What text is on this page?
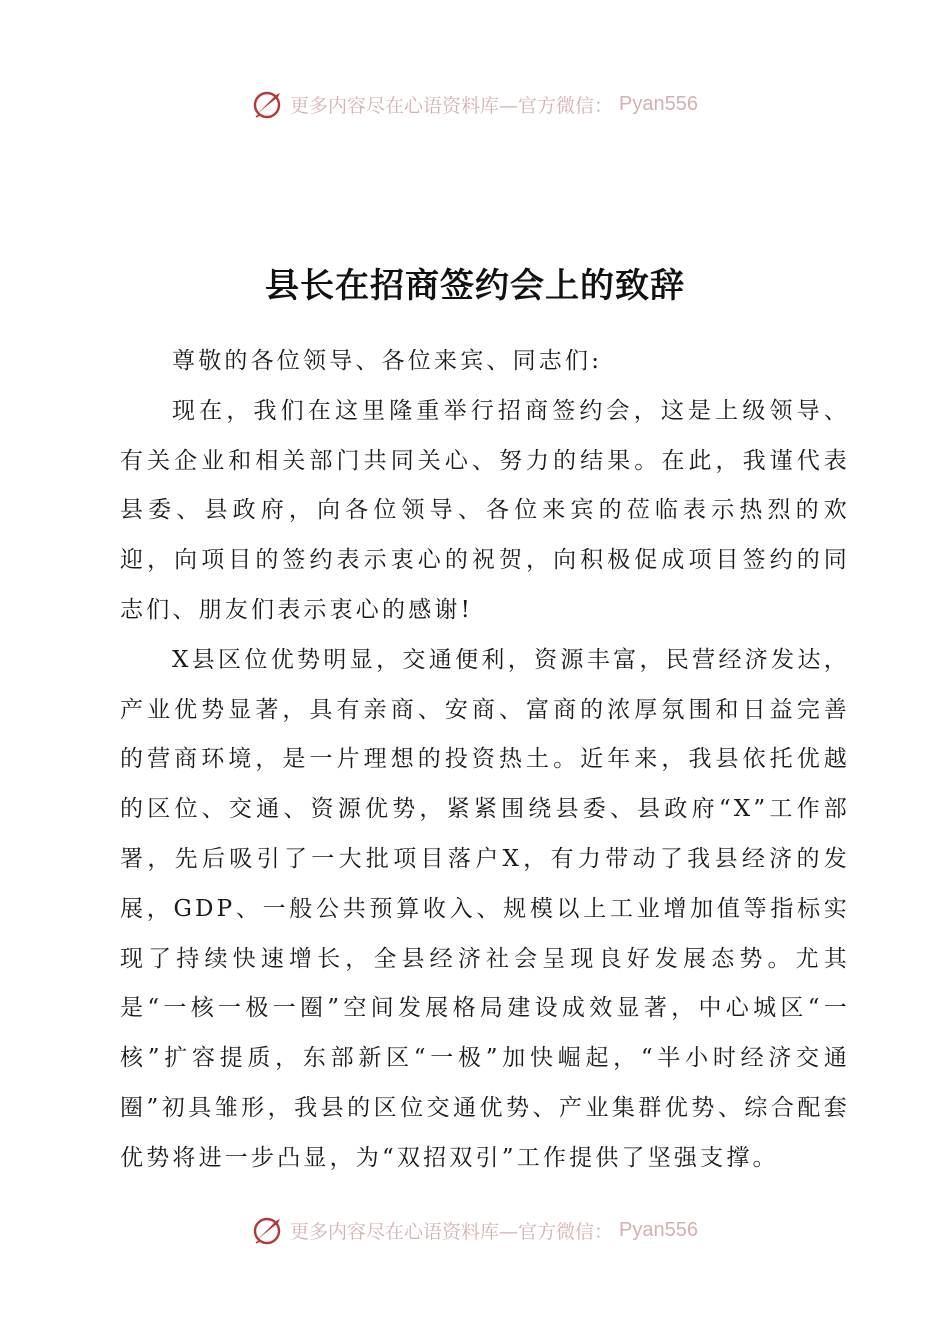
更多内容尽在心语资料库—官方微信： Pyan556
县长在招商签约会上的致辞

尊敬的各位领导、各位来宾、同志们:

现在，我们在这里隆重举行招商签约会，这是上级领导、有关企业和相关部门共同关心、努力的结果。在此，我谨代表县委、县政府，向各位领导、各位来宾的莅临表示热烈的欢迎，向项目的签约表示衷心的祝贺，向积极促成项目签约的同志们、朋友们表示衷心的感谢!

X县区位优势明显，交通便利，资源丰富，民营经济发达，产业优势显著，具有亲商、安商、富商的浓厚氛围和日益完善的营商环境，是一片理想的投资热土。近年来，我县依托优越的区位、交通、资源优势，紧紧围绕县委、县政府“X”工作部署，先后吸引了一大批项目落户X，有力带动了我县经济的发展，GDP、一般公共预算收入、规模以上工业增加值等指标实现了持续快速增长，全县经济社会呈现良好发展态势。尤其是“一核一极一圈”空间发展格局建设成效显著，中心城区“一核”扩容提质，东部新区“一极”加快崛起，“半小时经济交通圈”初具雏形，我县的区位交通优势、产业集群优势、综合配套优势将进一步凸显，为“双招双引”工作提供了坚强支撑。

更多内容尽在心语资料库—官方微信： Pyan556
